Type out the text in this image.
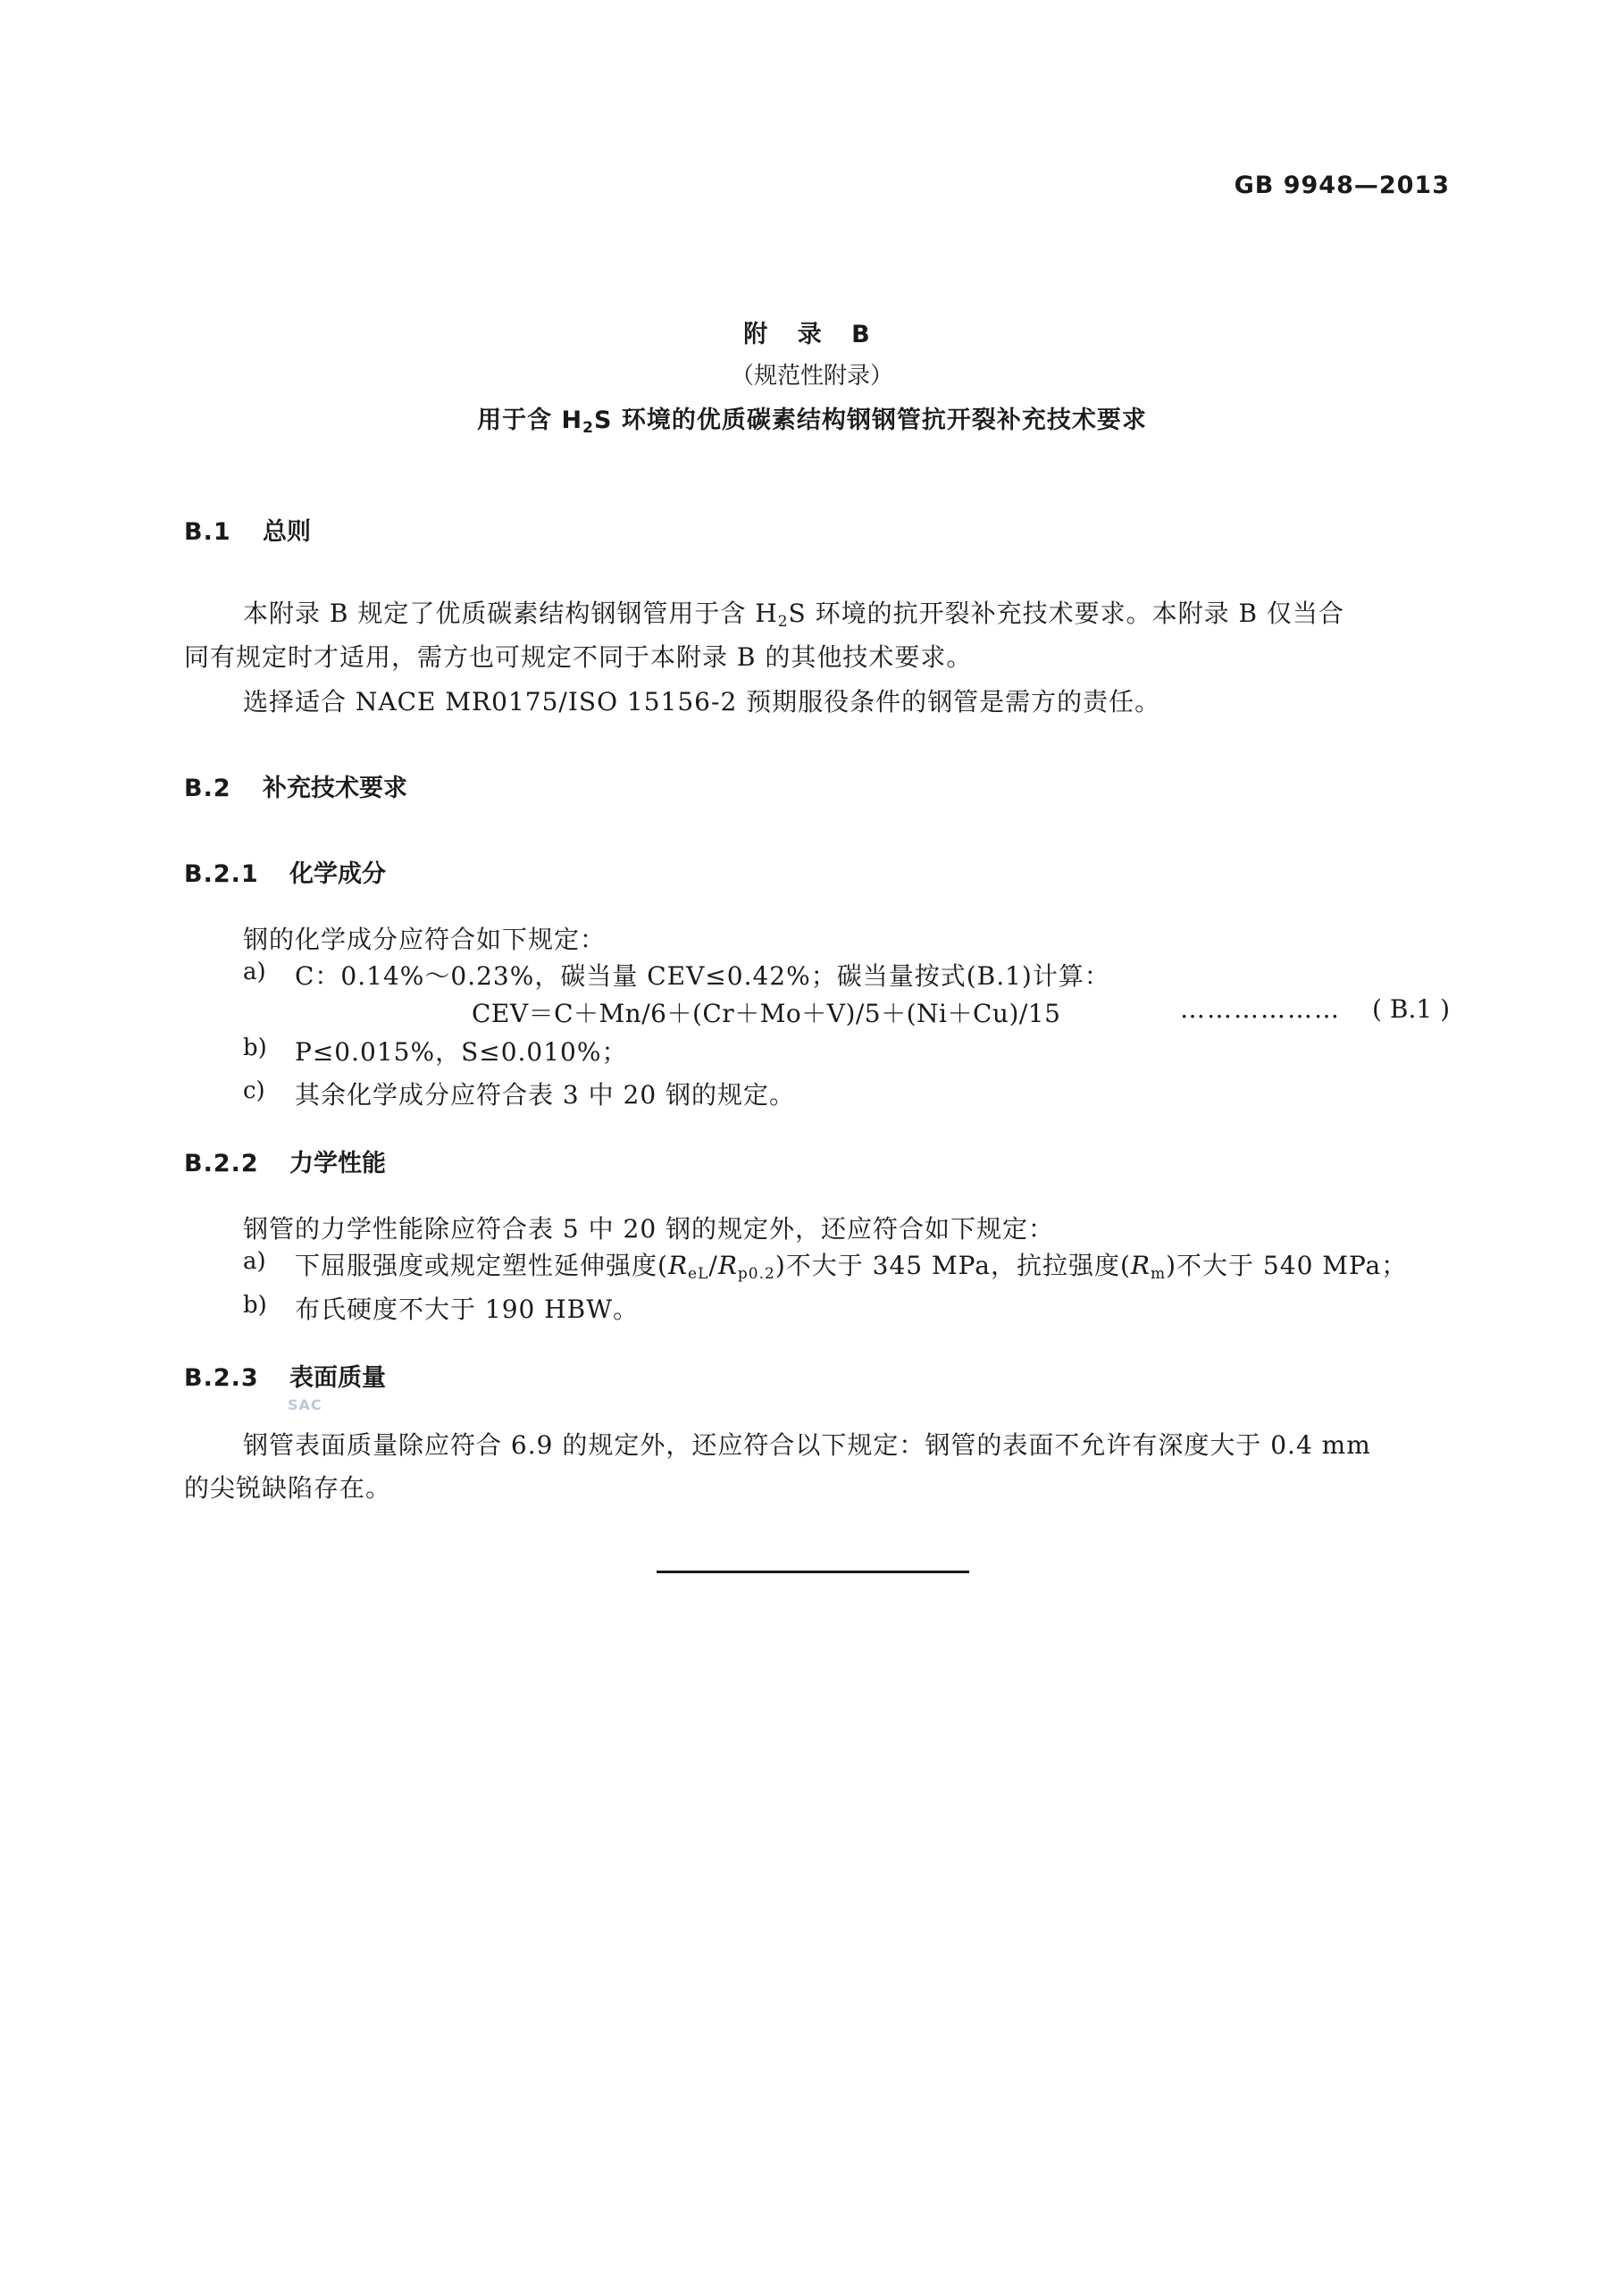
GB 9948—2013
附 录 B
（规范性附录）
用于含 $H_2S$ 环境的优质碳素结构钢钢管抗开裂补充技术要求
B.1 总则
本附录 B 规定了优质碳素结构钢钢管用于含 $H_2S$ 环境的抗开裂补充技术要求。本附录 B 仅当合
同有规定时才适用，需方也可规定不同于本附录 B 的其他技术要求。
选择适合 NACE MR0175/ISO 15156-2 预期服役条件的钢管是需方的责任。
B.2 补充技术要求
B.2.1 化学成分
钢的化学成分应符合如下规定：
a) C：0.14%～0.23%，碳当量 CEV≤0.42%；碳当量按式(B.1)计算：
CEV＝C＋Mn/6＋(Cr＋Mo＋V)/5＋(Ni＋Cu)/15	……………… ( B.1 )
b) P≤0.015%，S≤0.010%；
c) 其余化学成分应符合表 3 中 20 钢的规定。
B.2.2 力学性能
钢管的力学性能除应符合表 5 中 20 钢的规定外，还应符合如下规定：
a) 下屈服强度或规定塑性延伸强度$(R_{eL}/R_{p0.2})$不大于 345 MPa，抗拉强度$(R_m)$不大于 540 MPa；
b) 布氏硬度不大于 190 HBW。
B.2.3 表面质量
SAC
钢管表面质量除应符合 6.9 的规定外，还应符合以下规定：钢管的表面不允许有深度大于 0.4 mm
的尖锐缺陷存在。
